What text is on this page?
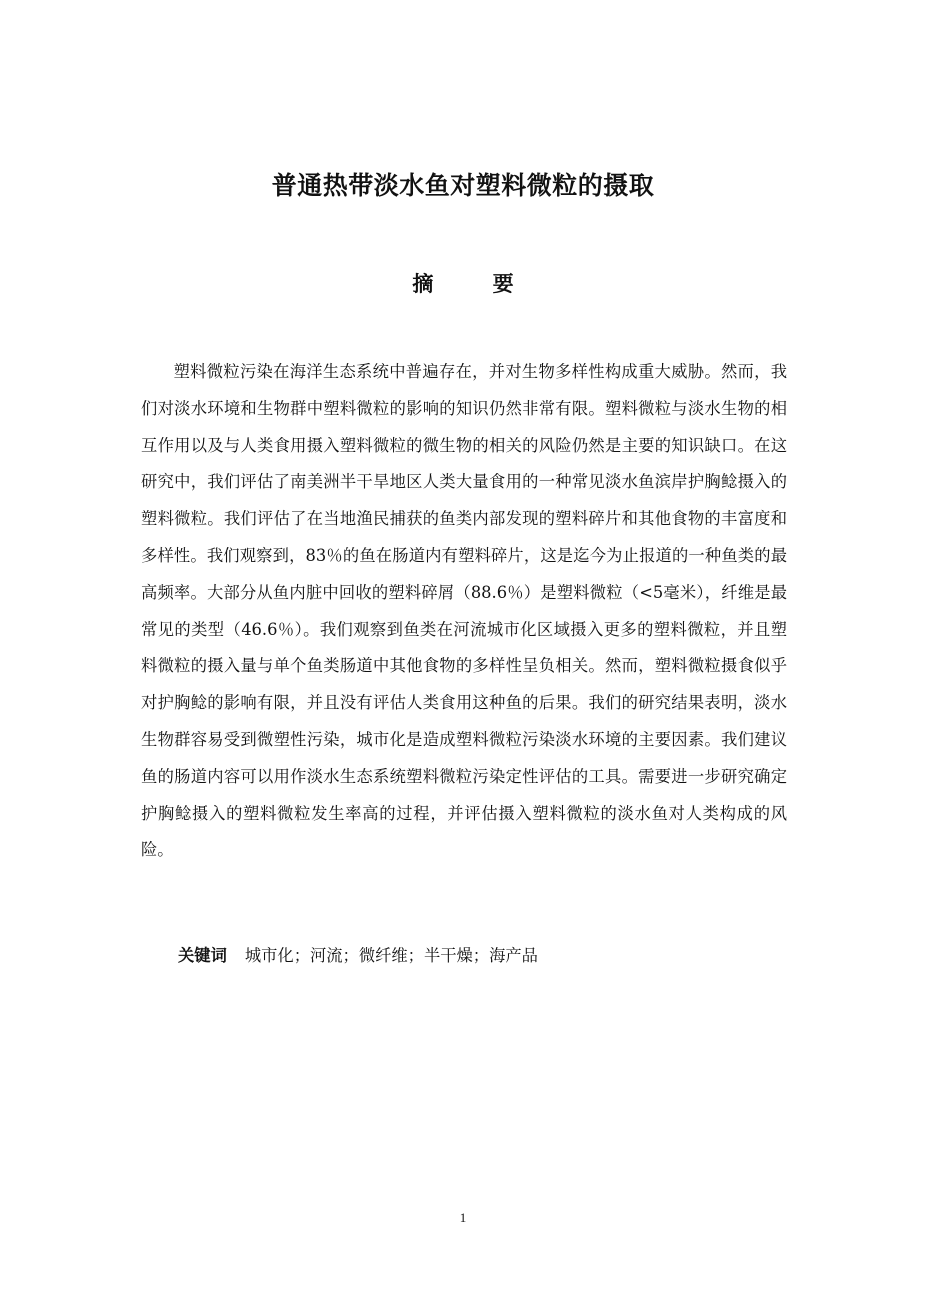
普通热带淡水鱼对塑料微粒的摄取
摘 要

塑料微粒污染在海洋生态系统中普遍存在，并对生物多样性构成重大威胁。然而，我们对淡水环境和生物群中塑料微粒的影响的知识仍然非常有限。塑料微粒与淡水生物的相互作用以及与人类食用摄入塑料微粒的微生物的相关的风险仍然是主要的知识缺口。在这研究中，我们评估了南美洲半干旱地区人类大量食用的一种常见淡水鱼滨岸护胸鲶摄入的塑料微粒。我们评估了在当地渔民捕获的鱼类内部发现的塑料碎片和其他食物的丰富度和多样性。我们观察到，83％的鱼在肠道内有塑料碎片，这是迄今为止报道的一种鱼类的最高频率。大部分从鱼内脏中回收的塑料碎屑（88.6％）是塑料微粒（<5毫米），纤维是最常见的类型（46.6％）。我们观察到鱼类在河流城市化区域摄入更多的塑料微粒，并且塑料微粒的摄入量与单个鱼类肠道中其他食物的多样性呈负相关。然而，塑料微粒摄食似乎对护胸鲶的影响有限，并且没有评估人类食用这种鱼的后果。我们的研究结果表明，淡水生物群容易受到微塑性污染，城市化是造成塑料微粒污染淡水环境的主要因素。我们建议鱼的肠道内容可以用作淡水生态系统塑料微粒污染定性评估的工具。需要进一步研究确定护胸鲶摄入的塑料微粒发生率高的过程，并评估摄入塑料微粒的淡水鱼对人类构成的风险。

关键词 城市化；河流；微纤维；半干燥；海产品
1
